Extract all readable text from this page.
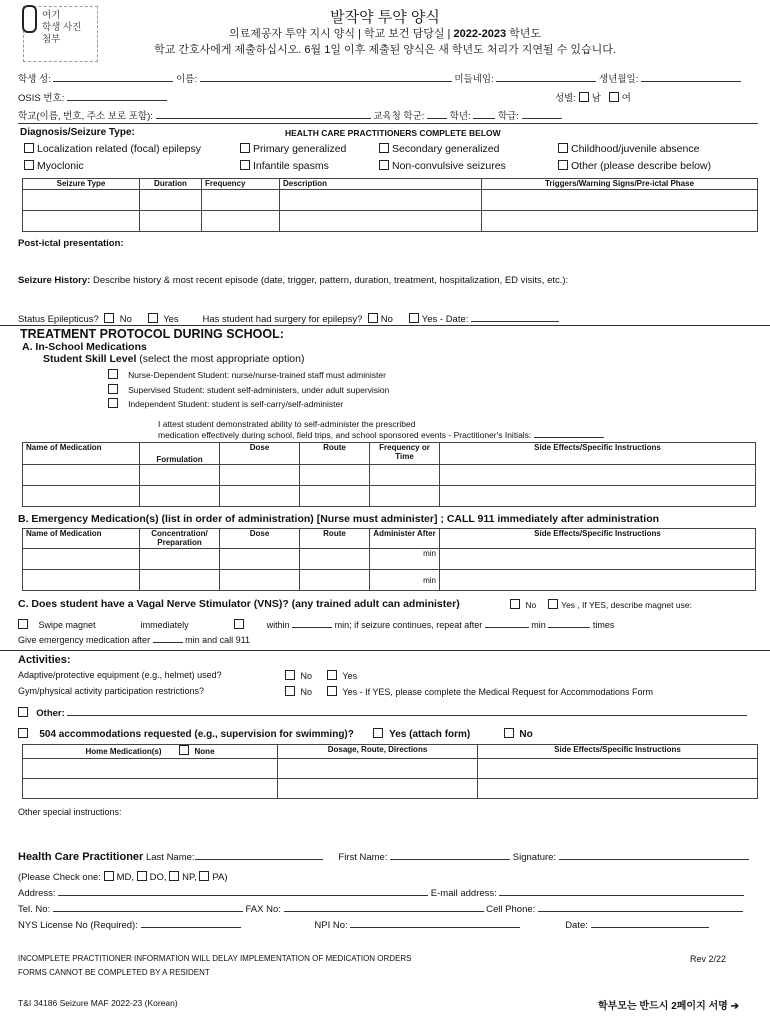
여기
학생 사진
첨부
발작약 투약 양식
의료제공자 투약 지시 양식 | 학교 보건 담당실 | 2022-2023 학년도
학교 간호사에게 제출하십시오. 6월 1일 이후 제출된 양식은 새 학년도 처리가 지연될 수 있습니다.
학생 성:	이름:	미들네임:	생년월일:
OSIS 번호:	성별: 남 여
학교(이름, 번호, 주소 보로 포함):	교육청 학군:	학년:	학급:
Diagnosis/Seizure Type:	HEALTH CARE PRACTITIONERS COMPLETE BELOW
Localization related (focal) epilepsy	Primary generalized	Secondary generalized	Childhood/juvenile absence
Myoclonic	Infantile spasms	Non-convulsive seizures	Other (please describe below)
Seizure Type	Duration	Frequency	Description	Triggers/Warning Signs/Pre-ictal Phase

Post-ictal presentation:
Seizure History: Describe history & most recent episode (date, trigger, pattern, duration, treatment, hospitalization, ED visits, etc.):
Status Epilepticus? No	Yes	Has student had surgery for epilepsy? No	Yes - Date:
TREATMENT PROTOCOL DURING SCHOOL:
A. In-School Medications
Student Skill Level (select the most appropriate option)
Nurse-Dependent Student: nurse/nurse-trained staff must administer
Supervised Student: student self-administers, under adult supervision
Independent Student: student is self-carry/self-administer
I attest student demonstrated ability to self-administer the prescribed
medication effectively during school, field trips, and school sponsored events - Practitioner's Initials:
Name of Medication	Formulation	Dose	Route	Frequency or Time	Side Effects/Specific Instructions

B. Emergency Medication(s) (list in order of administration) [Nurse must administer] ; CALL 911 immediately after administration
Name of Medication	Concentration/ Preparation	Dose	Route	Administer After	Side Effects/Specific Instructions
				min	
				min	
C. Does student have a Vagal Nerve Stimulator (VNS)? (any trained adult can administer)	No	Yes , If YES, describe magnet use:
Swipe magnet	immediately	within	min; if seizure continues, repeat after	min	times
Give emergency medication after	min and call 911
Activities:
Adaptive/protective equipment (e.g., helmet) used?	No	Yes
Gym/physical activity participation restrictions?	No	Yes - If YES, please complete the Medical Request for Accommodations Form
Other:
504 accommodations requested (e.g., supervision for swimming)?	Yes (attach form)	No
Home Medication(s) None	Dosage, Route, Directions	Side Effects/Specific Instructions

Other special instructions:
Health Care Practitioner Last Name:	First Name:	Signature:
(Please Check one: MD, DO, NP, PA)
Address:	E-mail address:
Tel. No:	FAX No:	Cell Phone:
NYS License No (Required):	NPI No:	Date:
INCOMPLETE PRACTITIONER INFORMATION WILL DELAY IMPLEMENTATION OF MEDICATION ORDERS
FORMS CANNOT BE COMPLETED BY A RESIDENT
Rev 2/22
T&I 34186 Seizure MAF 2022-23 (Korean)	학부모는 반드시 2페이지 서명 ➔
